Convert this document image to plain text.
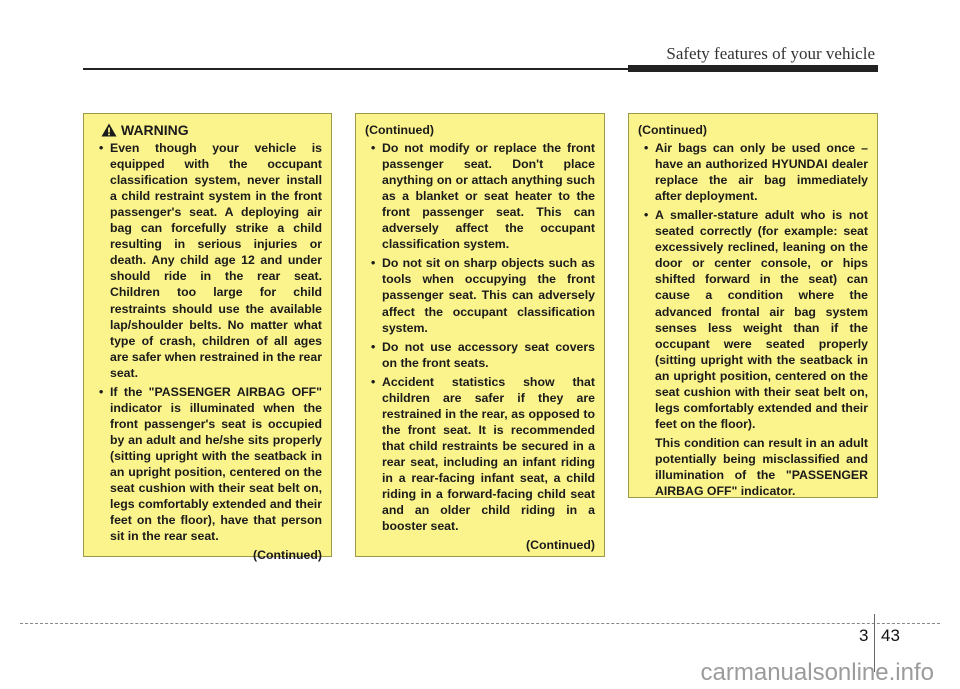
Safety features of your vehicle
WARNING
• Even though your vehicle is equipped with the occupant classification system, never install a child restraint system in the front passenger's seat. A deploying air bag can forcefully strike a child resulting in serious injuries or death. Any child age 12 and under should ride in the rear seat. Children too large for child restraints should use the available lap/shoulder belts. No matter what type of crash, children of all ages are safer when restrained in the rear seat.
• If the "PASSENGER AIRBAG OFF" indicator is illuminated when the front passenger's seat is occupied by an adult and he/she sits properly (sitting upright with the seatback in an upright position, centered on the seat cushion with their seat belt on, legs comfortably extended and their feet on the floor), have that person sit in the rear seat.
(Continued)
(Continued)
• Do not modify or replace the front passenger seat. Don't place anything on or attach anything such as a blanket or seat heater to the front passenger seat. This can adversely affect the occupant classification system.
• Do not sit on sharp objects such as tools when occupying the front passenger seat. This can adversely affect the occupant classification system.
• Do not use accessory seat covers on the front seats.
• Accident statistics show that children are safer if they are restrained in the rear, as opposed to the front seat. It is recommended that child restraints be secured in a rear seat, including an infant riding in a rear-facing infant seat, a child riding in a forward-facing child seat and an older child riding in a booster seat.
(Continued)
(Continued)
• Air bags can only be used once – have an authorized HYUNDAI dealer replace the air bag immediately after deployment.
• A smaller-stature adult who is not seated correctly (for example: seat excessively reclined, leaning on the door or center console, or hips shifted forward in the seat) can cause a condition where the advanced frontal air bag system senses less weight than if the occupant were seated properly (sitting upright with the seatback in an upright position, centered on the seat cushion with their seat belt on, legs comfortably extended and their feet on the floor).
This condition can result in an adult potentially being misclassified and illumination of the "PASSENGER AIRBAG OFF" indicator.
3 43
carmanualsonline.info
